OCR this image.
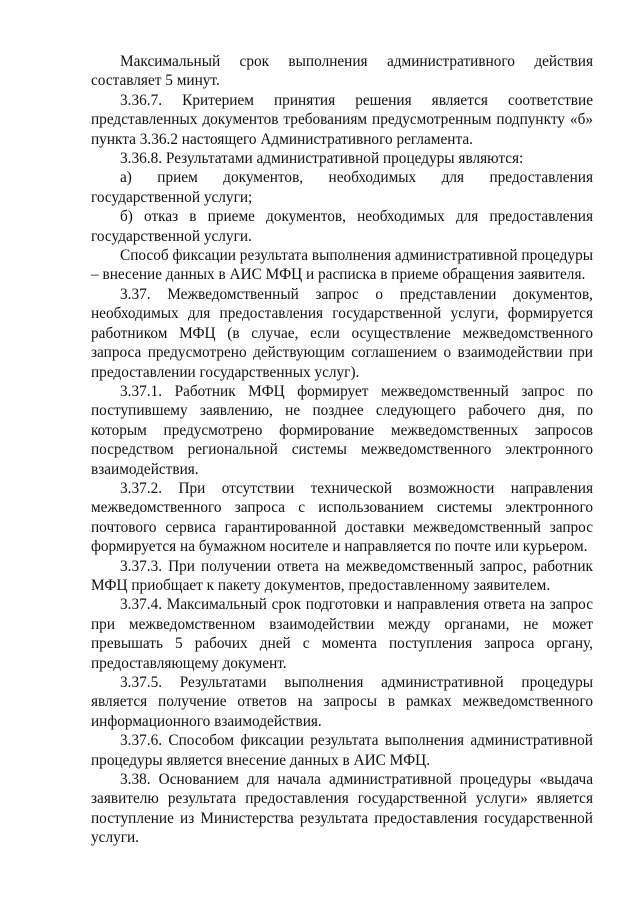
Максимальный срок выполнения административного действия составляет 5 минут.

3.36.7. Критерием принятия решения является соответствие представленных документов требованиям предусмотренным подпункту «б» пункта 3.36.2 настоящего Административного регламента.

3.36.8. Результатами административной процедуры являются:

а) прием документов, необходимых для предоставления государственной услуги;

б) отказ в приеме документов, необходимых для предоставления государственной услуги.

Способ фиксации результата выполнения административной процедуры – внесение данных в АИС МФЦ и расписка в приеме обращения заявителя.

3.37. Межведомственный запрос о представлении документов, необходимых для предоставления государственной услуги, формируется работником МФЦ (в случае, если осуществление межведомственного запроса предусмотрено действующим соглашением о взаимодействии при предоставлении государственных услуг).

3.37.1. Работник МФЦ формирует межведомственный запрос по поступившему заявлению, не позднее следующего рабочего дня, по которым предусмотрено формирование межведомственных запросов посредством региональной системы межведомственного электронного взаимодействия.

3.37.2. При отсутствии технической возможности направления межведомственного запроса с использованием системы электронного почтового сервиса гарантированной доставки межведомственный запрос формируется на бумажном носителе и направляется по почте или курьером.

3.37.3. При получении ответа на межведомственный запрос, работник МФЦ приобщает к пакету документов, предоставленному заявителем.

3.37.4. Максимальный срок подготовки и направления ответа на запрос при межведомственном взаимодействии между органами, не может превышать 5 рабочих дней с момента поступления запроса органу, предоставляющему документ.

3.37.5. Результатами выполнения административной процедуры является получение ответов на запросы в рамках межведомственного информационного взаимодействия.

3.37.6. Способом фиксации результата выполнения административной процедуры является внесение данных в АИС МФЦ.

3.38. Основанием для начала административной процедуры «выдача заявителю результата предоставления государственной услуги» является поступление из Министерства результата предоставления государственной услуги.
